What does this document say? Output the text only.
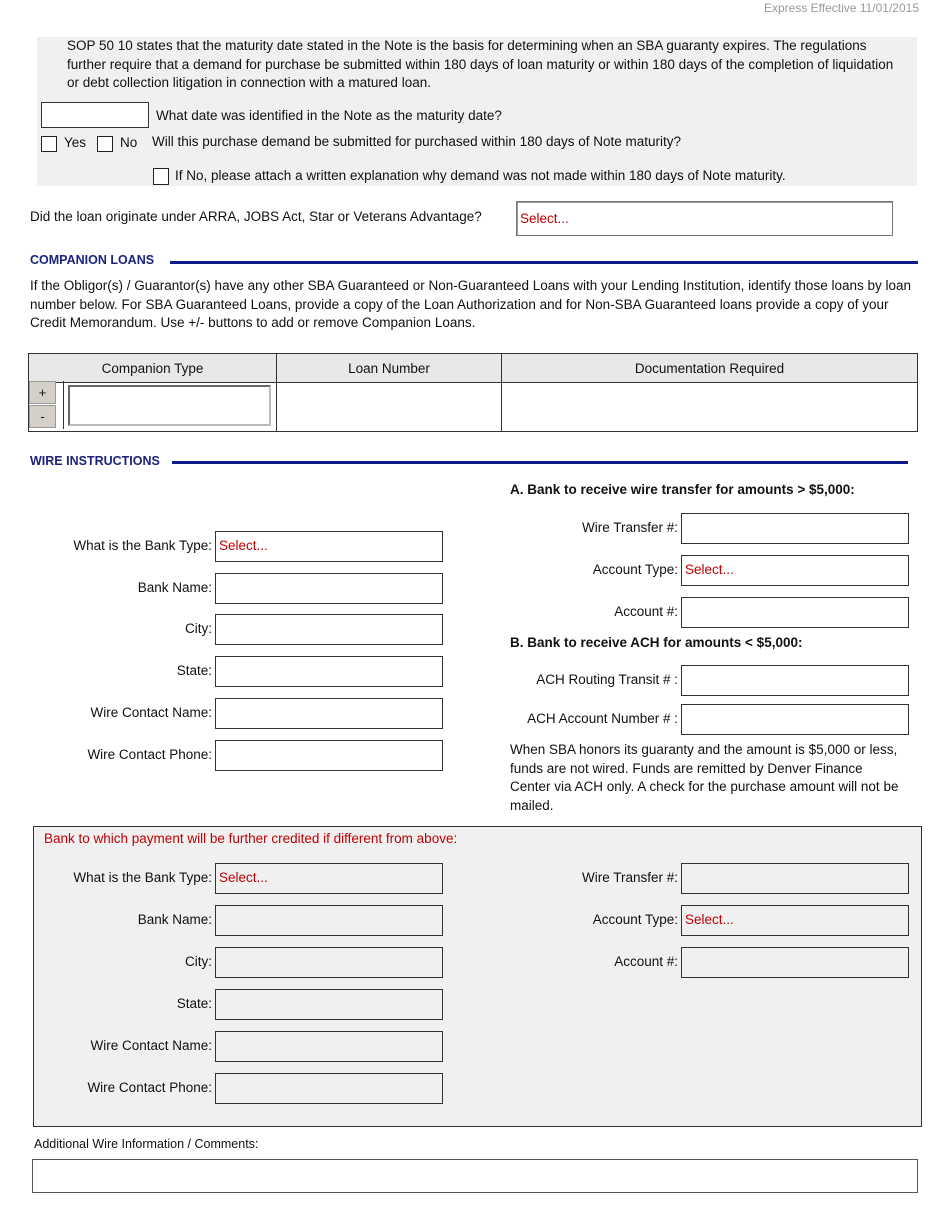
Express Effective 11/01/2015
SOP 50 10 states that the maturity date stated in the Note is the basis for determining when an SBA guaranty expires. The regulations further require that a demand for purchase be submitted within 180 days of loan maturity or within 180 days of the completion of liquidation or debt collection litigation in connection with a matured loan.
What date was identified in the Note as the maturity date?
Yes	No Will this purchase demand be submitted for purchased within 180 days of Note maturity?
If No, please attach a written explanation why demand was not made within 180 days of Note maturity.
Did the loan originate under ARRA, JOBS Act, Star or Veterans Advantage?	Select...
COMPANION LOANS
If the Obligor(s) / Guarantor(s) have any other SBA Guaranteed or Non-Guaranteed Loans with your Lending Institution, identify those loans by loan number below. For SBA Guaranteed Loans, provide a copy of the Loan Authorization and for Non-SBA Guaranteed loans provide a copy of your Credit Memorandum. Use +/- buttons to add or remove Companion Loans.
Companion Type	Loan Number	Documentation Required

+
-
WIRE INSTRUCTIONS
A. Bank to receive wire transfer for amounts > $5,000:
B. Bank to receive ACH for amounts < $5,000:
When SBA honors its guaranty and the amount is $5,000 or less, funds are not wired. Funds are remitted by Denver Finance Center via ACH only. A check for the purchase amount will not be mailed.
Bank to which payment will be further credited if different from above:
Additional Wire Information / Comments:
What is the Bank Type: Select...
Bank Name:
City:
State:
Wire Contact Name:
Wire Contact Phone:
Wire Transfer #:
Account Type: Select...
Account #:
ACH Routing Transit # :
ACH Account Number # :
What is the Bank Type: Select...
Bank Name:
City:
State:
Wire Contact Name:
Wire Contact Phone:
Wire Transfer #:
Account Type: Select...
Account #:
